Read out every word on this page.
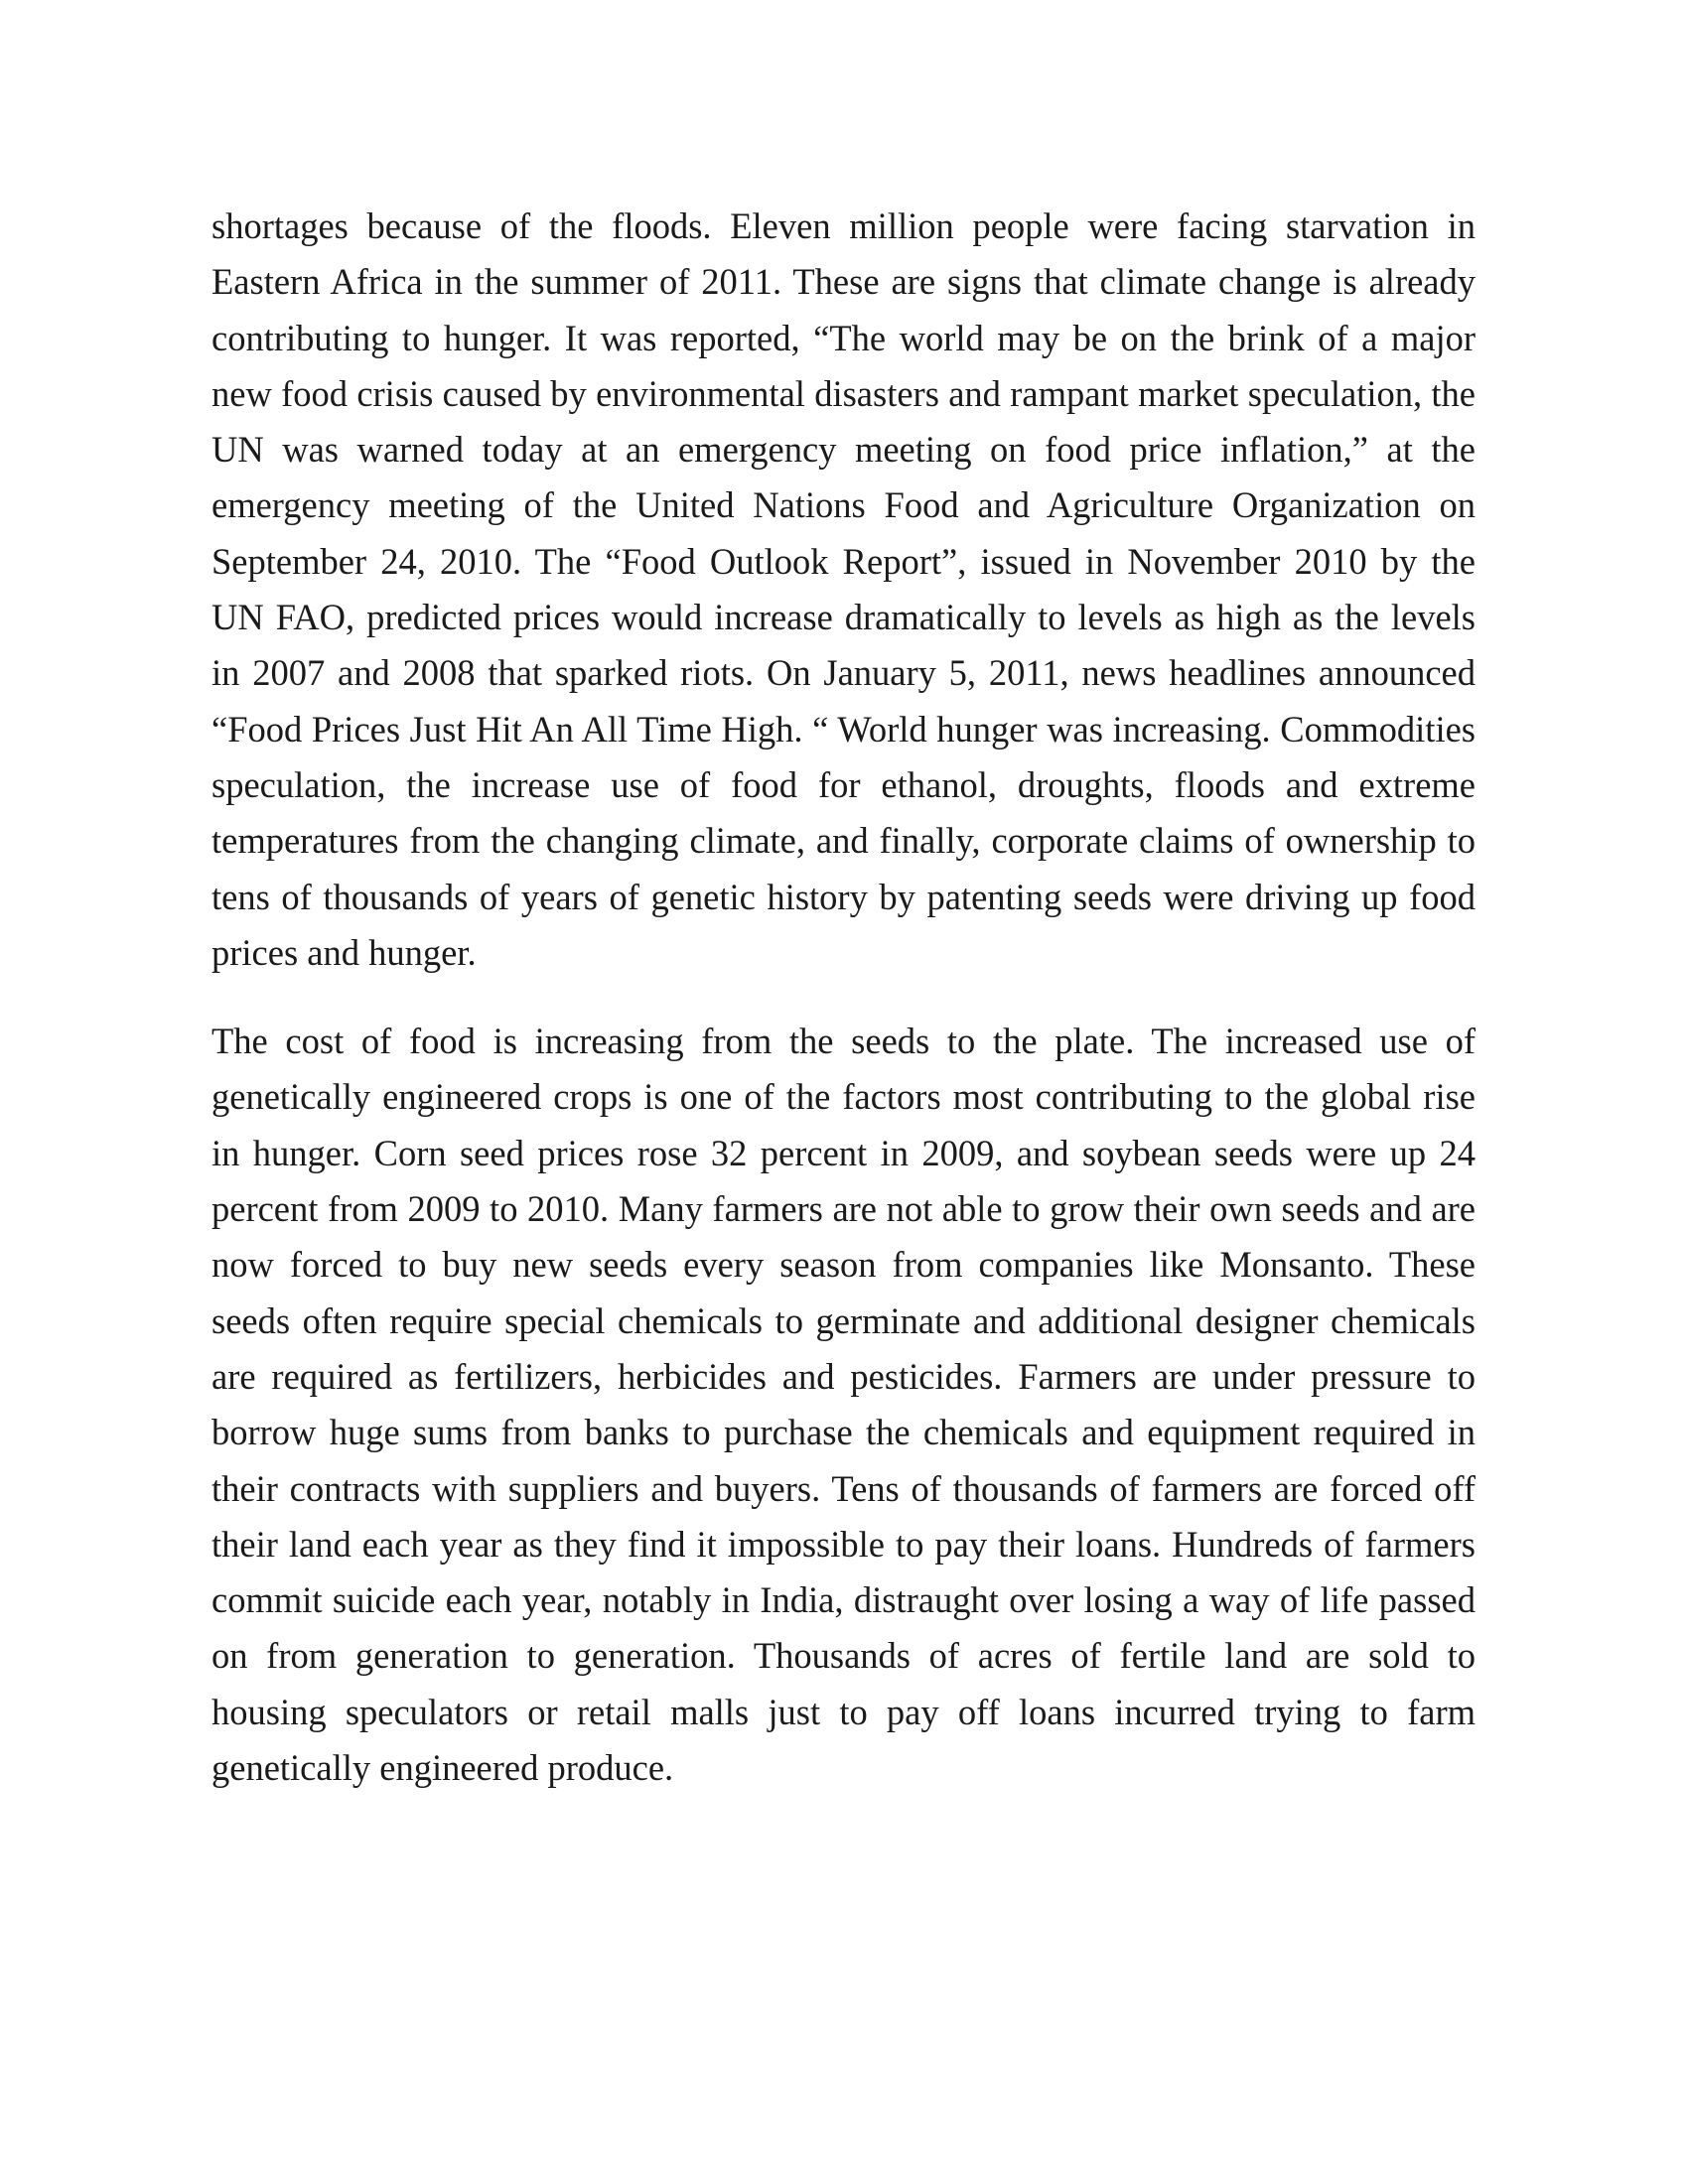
shortages because of the floods. Eleven million people were facing starvation in Eastern Africa in the summer of 2011. These are signs that climate change is already contributing to hunger. It was reported, “The world may be on the brink of a major new food crisis caused by environmental disasters and rampant market speculation, the UN was warned today at an emergency meeting on food price inflation,” at the emergency meeting of the United Nations Food and Agriculture Organization on September 24, 2010. The “Food Outlook Report”, issued in November 2010 by the UN FAO, predicted prices would increase dramatically to levels as high as the levels in 2007 and 2008 that sparked riots. On January 5, 2011, news headlines announced “Food Prices Just Hit An All Time High. “ World hunger was increasing. Commodities speculation, the increase use of food for ethanol, droughts, floods and extreme temperatures from the changing climate, and finally, corporate claims of ownership to tens of thousands of years of genetic history by patenting seeds were driving up food prices and hunger.

The cost of food is increasing from the seeds to the plate. The increased use of genetically engineered crops is one of the factors most contributing to the global rise in hunger. Corn seed prices rose 32 percent in 2009, and soybean seeds were up 24 percent from 2009 to 2010. Many farmers are not able to grow their own seeds and are now forced to buy new seeds every season from companies like Monsanto. These seeds often require special chemicals to germinate and additional designer chemicals are required as fertilizers, herbicides and pesticides. Farmers are under pressure to borrow huge sums from banks to purchase the chemicals and equipment required in their contracts with suppliers and buyers. Tens of thousands of farmers are forced off their land each year as they find it impossible to pay their loans. Hundreds of farmers commit suicide each year, notably in India, distraught over losing a way of life passed on from generation to generation. Thousands of acres of fertile land are sold to housing speculators or retail malls just to pay off loans incurred trying to farm genetically engineered produce.
